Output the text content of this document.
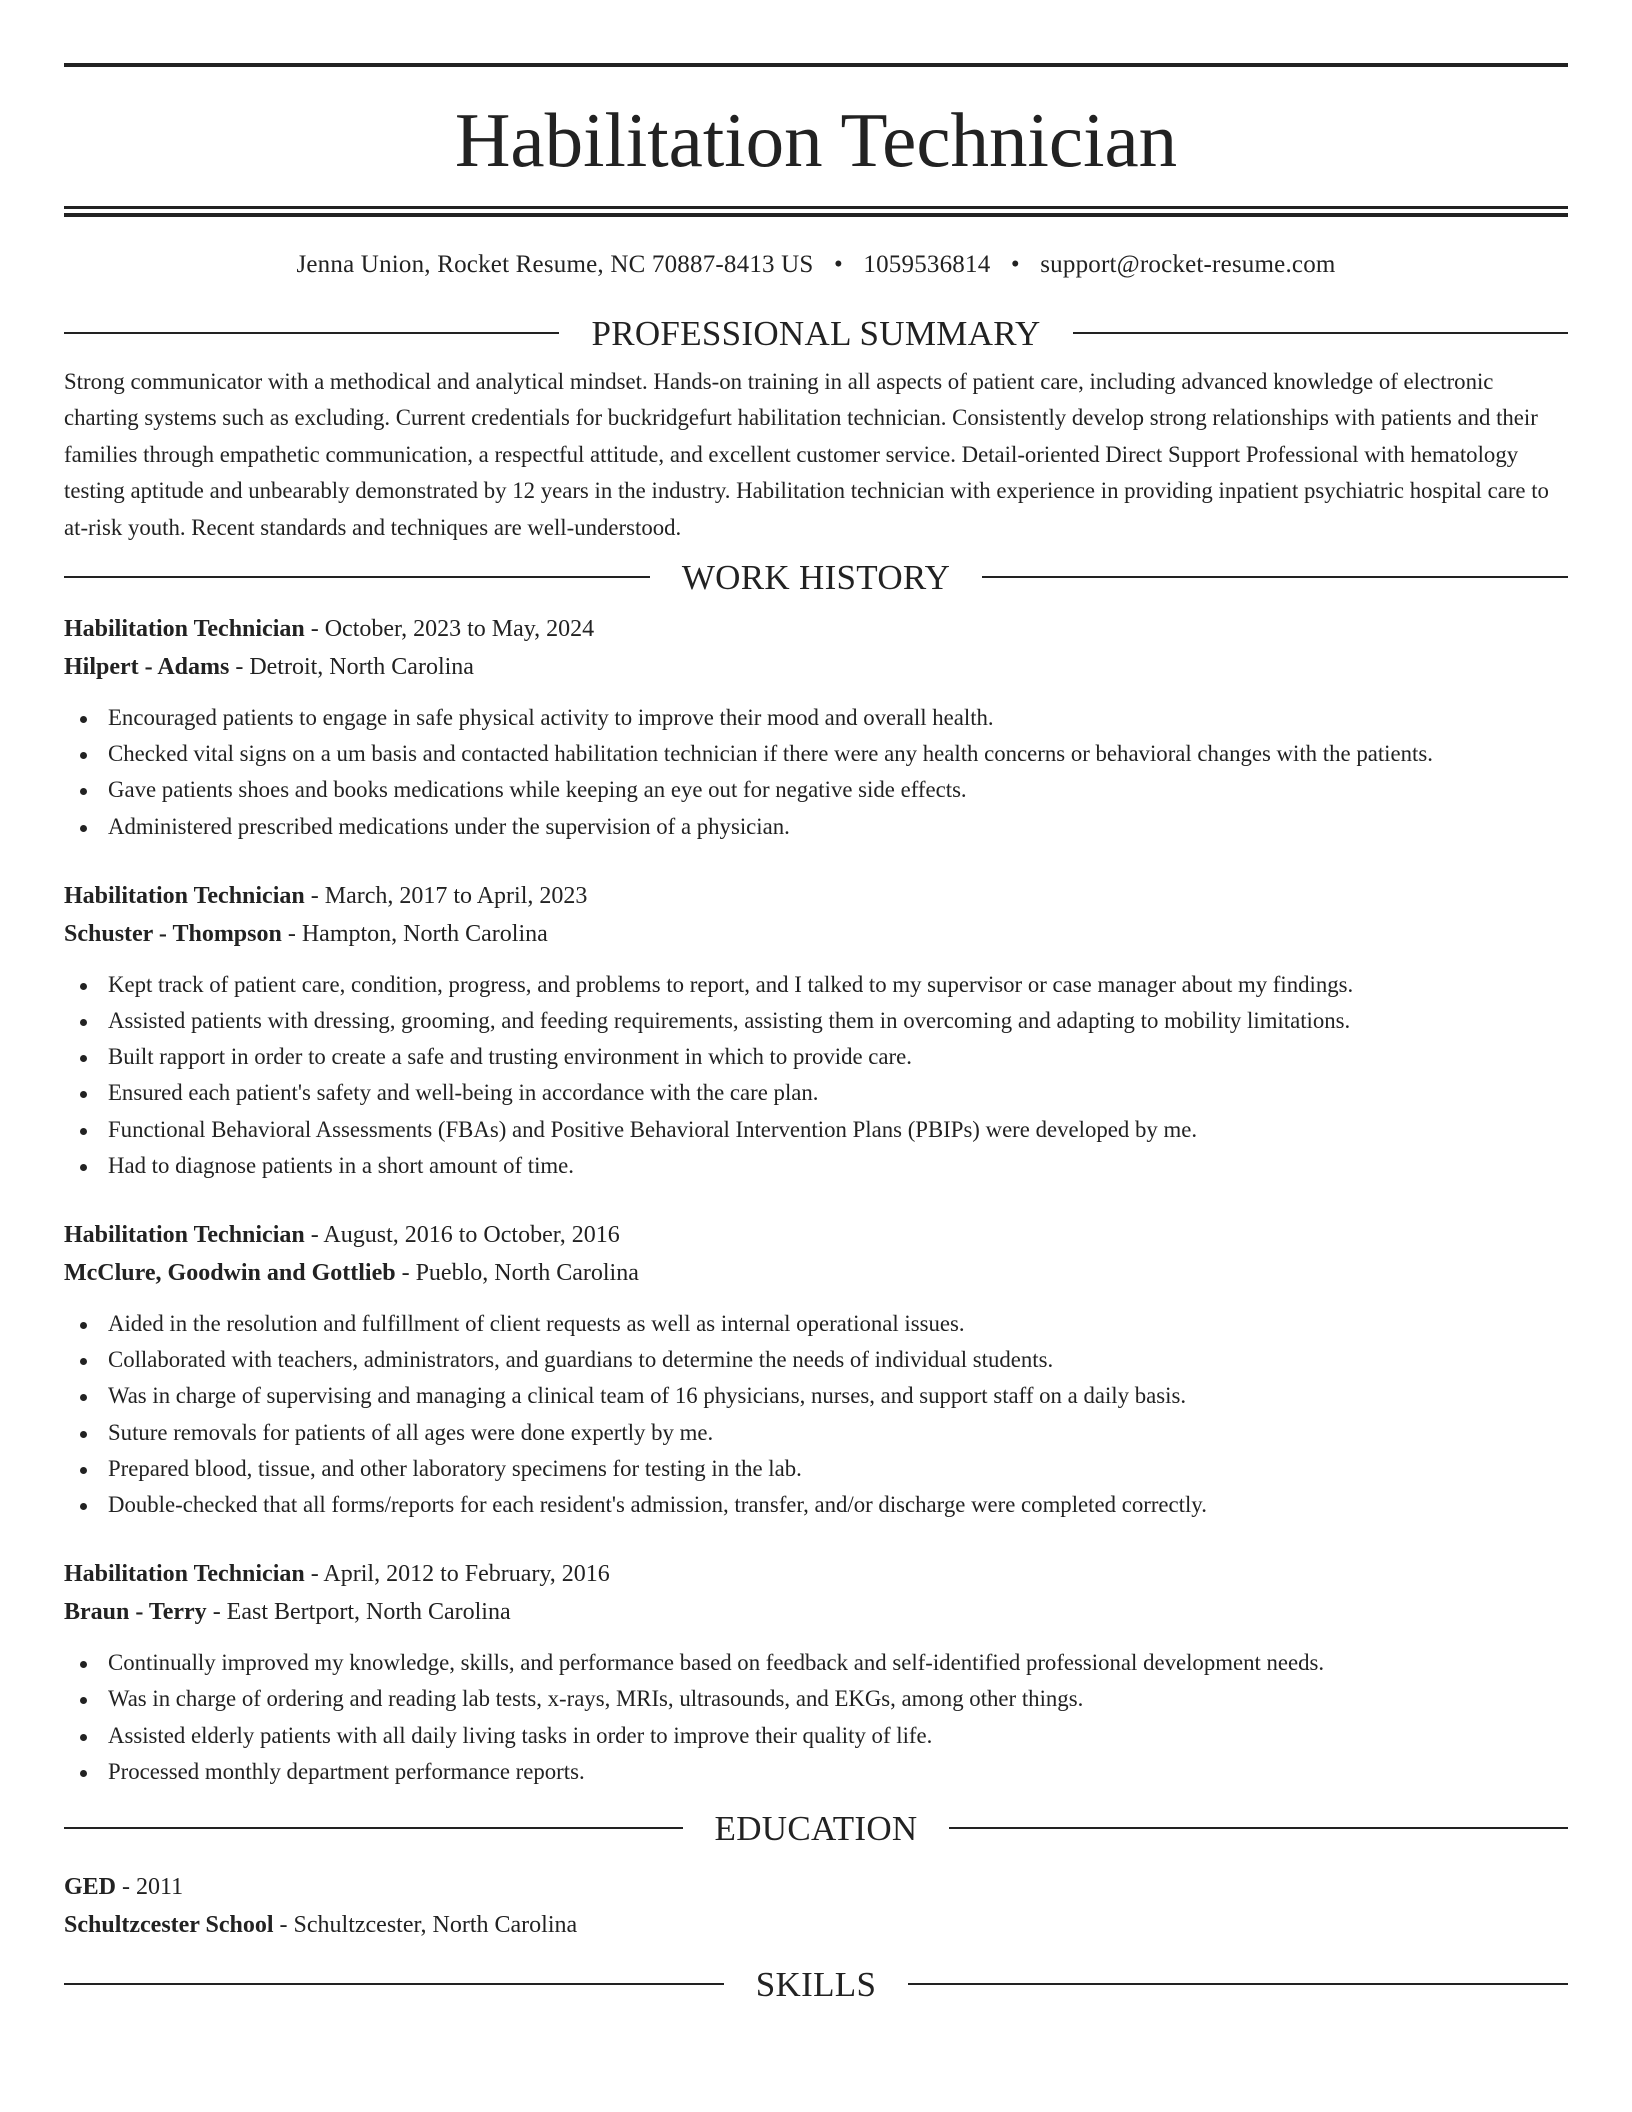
Habilitation Technician
Jenna Union, Rocket Resume, NC 70887-8413 US • 1059536814 • support@rocket-resume.com
PROFESSIONAL SUMMARY

Strong communicator with a methodical and analytical mindset. Hands-on training in all aspects of patient care, including advanced knowledge of electronic charting systems such as excluding. Current credentials for buckridgefurt habilitation technician. Consistently develop strong relationships with patients and their families through empathetic communication, a respectful attitude, and excellent customer service. Detail-oriented Direct Support Professional with hematology testing aptitude and unbearably demonstrated by 12 years in the industry. Habilitation technician with experience in providing inpatient psychiatric hospital care to at-risk youth. Recent standards and techniques are well-understood.

WORK HISTORY
Habilitation Technician - October, 2023 to May, 2024
Hilpert - Adams - Detroit, North Carolina
Encouraged patients to engage in safe physical activity to improve their mood and overall health.
Checked vital signs on a um basis and contacted habilitation technician if there were any health concerns or behavioral changes with the patients.
Gave patients shoes and books medications while keeping an eye out for negative side effects.
Administered prescribed medications under the supervision of a physician.
Habilitation Technician - March, 2017 to April, 2023
Schuster - Thompson - Hampton, North Carolina
Kept track of patient care, condition, progress, and problems to report, and I talked to my supervisor or case manager about my findings.
Assisted patients with dressing, grooming, and feeding requirements, assisting them in overcoming and adapting to mobility limitations.
Built rapport in order to create a safe and trusting environment in which to provide care.
Ensured each patient's safety and well-being in accordance with the care plan.
Functional Behavioral Assessments (FBAs) and Positive Behavioral Intervention Plans (PBIPs) were developed by me.
Had to diagnose patients in a short amount of time.
Habilitation Technician - August, 2016 to October, 2016
McClure, Goodwin and Gottlieb - Pueblo, North Carolina
Aided in the resolution and fulfillment of client requests as well as internal operational issues.
Collaborated with teachers, administrators, and guardians to determine the needs of individual students.
Was in charge of supervising and managing a clinical team of 16 physicians, nurses, and support staff on a daily basis.
Suture removals for patients of all ages were done expertly by me.
Prepared blood, tissue, and other laboratory specimens for testing in the lab.
Double-checked that all forms/reports for each resident's admission, transfer, and/or discharge were completed correctly.
Habilitation Technician - April, 2012 to February, 2016
Braun - Terry - East Bertport, North Carolina
Continually improved my knowledge, skills, and performance based on feedback and self-identified professional development needs.
Was in charge of ordering and reading lab tests, x-rays, MRIs, ultrasounds, and EKGs, among other things.
Assisted elderly patients with all daily living tasks in order to improve their quality of life.
Processed monthly department performance reports.
EDUCATION
GED - 2011
Schultzcester School - Schultzcester, North Carolina
SKILLS
